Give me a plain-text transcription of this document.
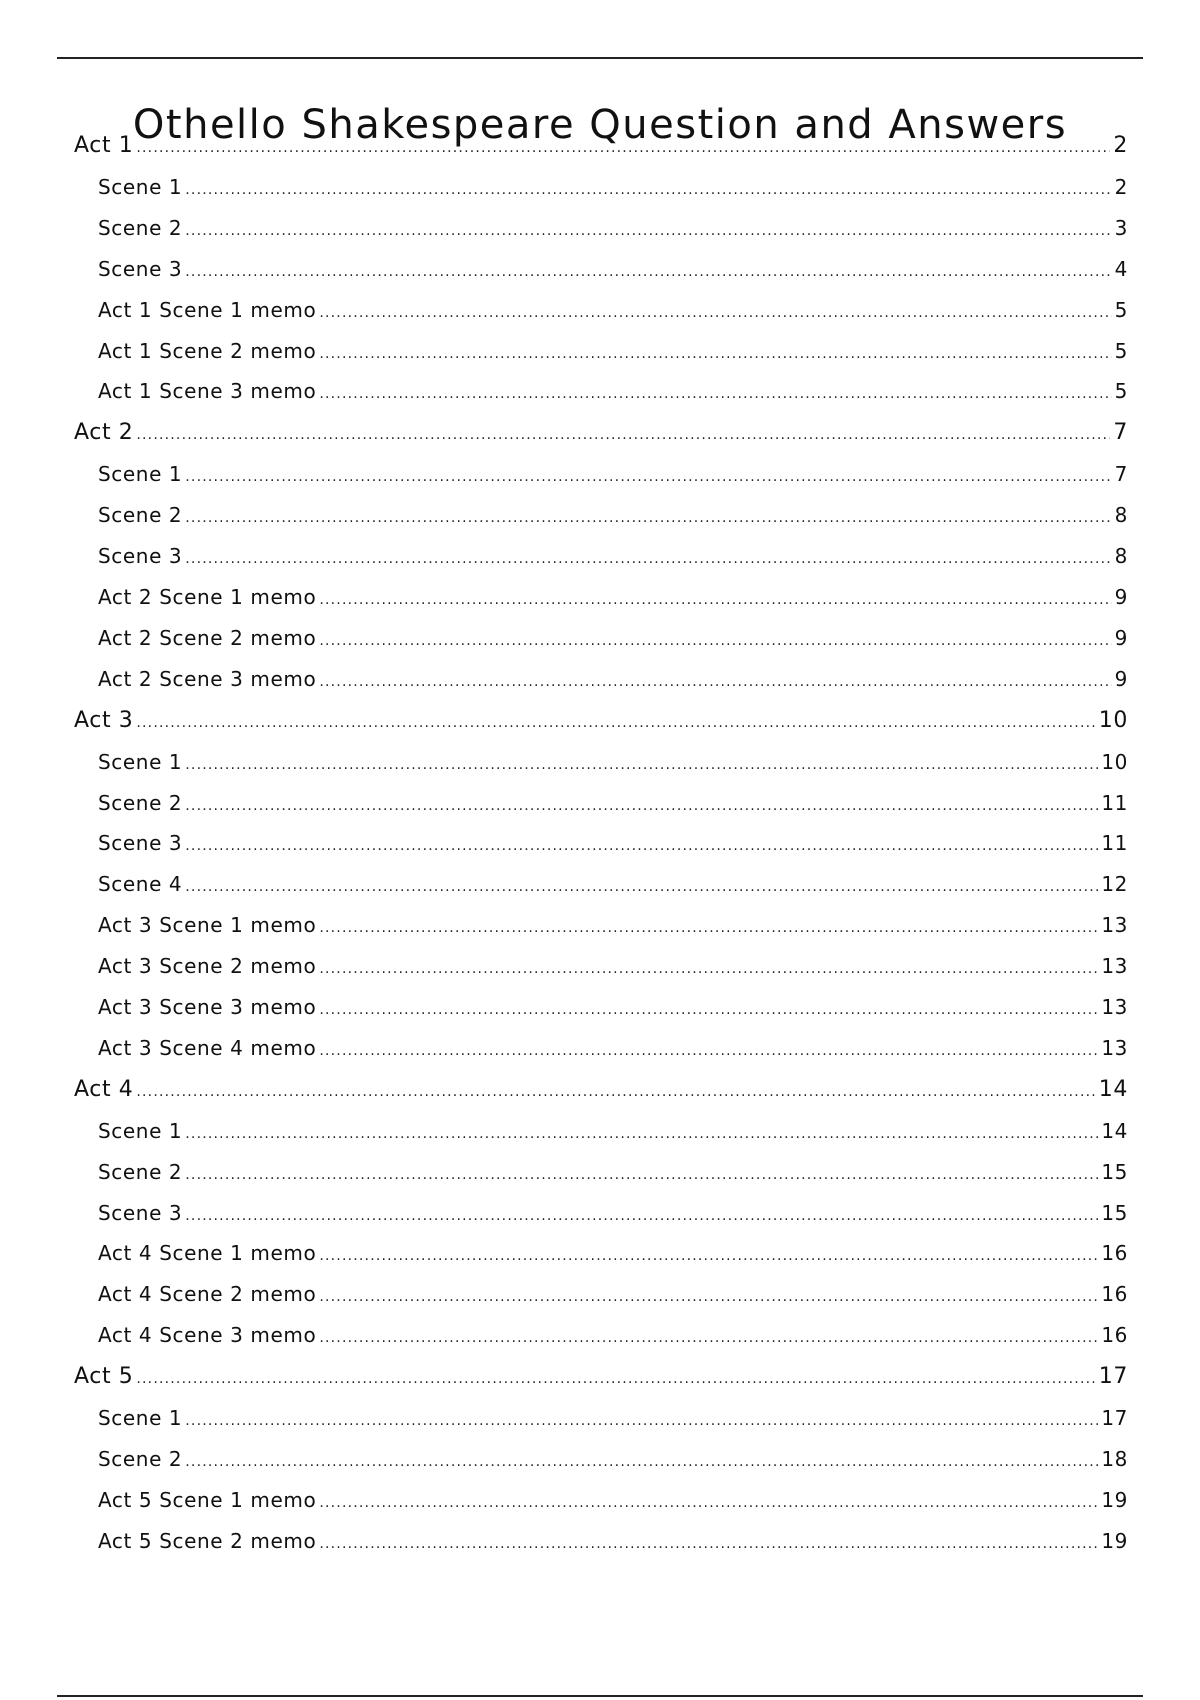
Othello Shakespeare Question and Answers
Act 1 .....	2
Scene 1 .....	2
Scene 2 .....	3
Scene 3 .....	4
Act 1 Scene 1 memo .....	5
Act 1 Scene 2 memo .....	5
Act 1 Scene 3 memo .....	5
Act 2 .....	7
Scene 1 .....	7
Scene 2 .....	8
Scene 3 .....	8
Act 2 Scene 1 memo .....	9
Act 2 Scene 2 memo .....	9
Act 2 Scene 3 memo .....	9
Act 3 .....	10
Scene 1 .....	10
Scene 2 .....	11
Scene 3 .....	11
Scene 4 .....	12
Act 3 Scene 1 memo .....	13
Act 3 Scene 2 memo .....	13
Act 3 Scene 3 memo .....	13
Act 3 Scene 4 memo .....	13
Act 4 .....	14
Scene 1 .....	14
Scene 2 .....	15
Scene 3 .....	15
Act 4 Scene 1 memo .....	16
Act 4 Scene 2 memo .....	16
Act 4 Scene 3 memo .....	16
Act 5 .....	17
Scene 1 .....	17
Scene 2 .....	18
Act 5 Scene 1 memo .....	19
Act 5 Scene 2 memo .....	19
